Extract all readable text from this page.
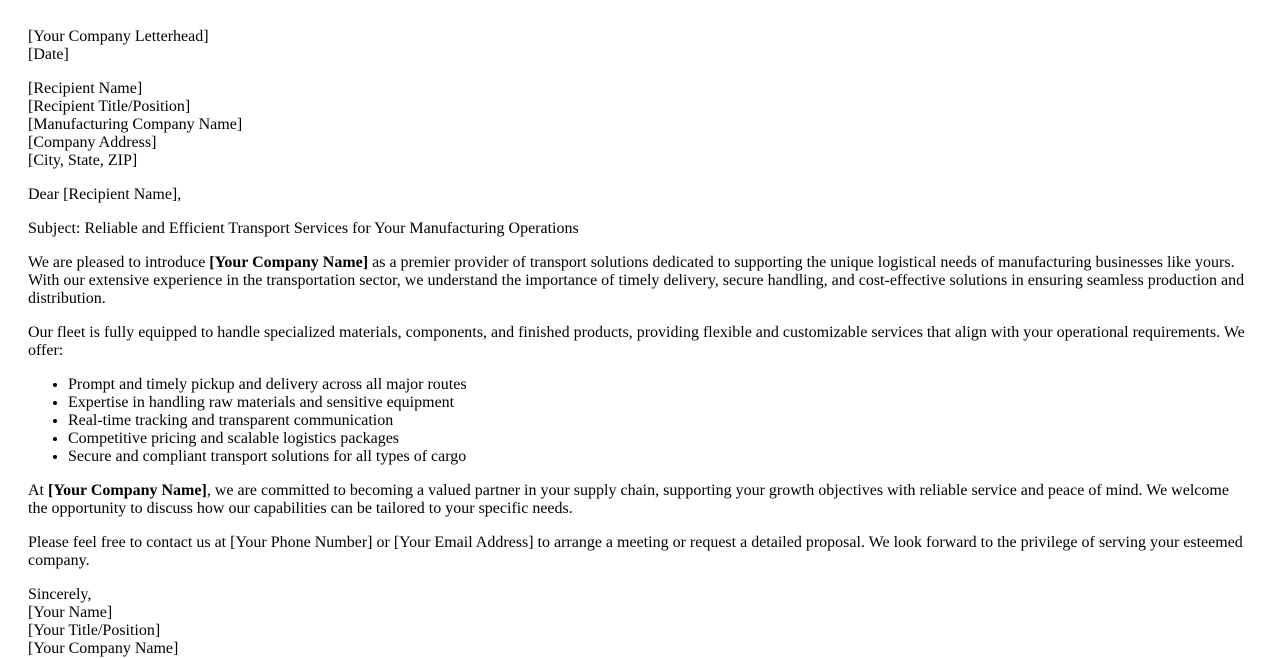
[Your Company Letterhead]
[Date]
[Recipient Name]
[Recipient Title/Position]
[Manufacturing Company Name]
[Company Address]
[City, State, ZIP]

Dear [Recipient Name],

Subject: Reliable and Efficient Transport Services for Your Manufacturing Operations

We are pleased to introduce [Your Company Name] as a premier provider of transport solutions dedicated to supporting the unique logistical needs of manufacturing businesses like yours. With our extensive experience in the transportation sector, we understand the importance of timely delivery, secure handling, and cost-effective solutions in ensuring seamless production and distribution.

Our fleet is fully equipped to handle specialized materials, components, and finished products, providing flexible and customizable services that align with your operational requirements. We offer:

• Prompt and timely pickup and delivery across all major routes
• Expertise in handling raw materials and sensitive equipment
• Real-time tracking and transparent communication
• Competitive pricing and scalable logistics packages
• Secure and compliant transport solutions for all types of cargo

At [Your Company Name], we are committed to becoming a valued partner in your supply chain, supporting your growth objectives with reliable service and peace of mind. We welcome the opportunity to discuss how our capabilities can be tailored to your specific needs.

Please feel free to contact us at [Your Phone Number] or [Your Email Address] to arrange a meeting or request a detailed proposal. We look forward to the privilege of serving your esteemed company.

Sincerely,
[Your Name]
[Your Title/Position]
[Your Company Name]
